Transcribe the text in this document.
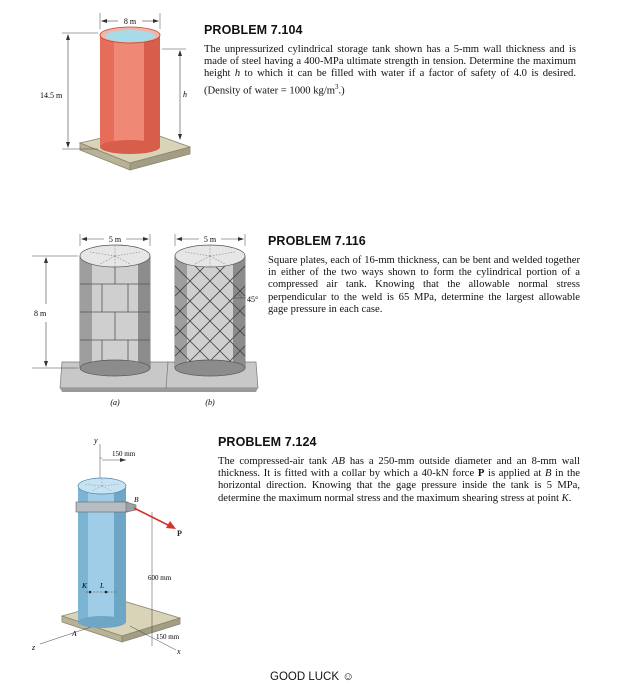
PROBLEM 7.104
The unpressurized cylindrical storage tank shown has a 5-mm wall thickness and is made of steel having a 400-MPa ultimate strength in tension. Determine the maximum height h to which it can be filled with water if a factor of safety of 4.0 is desired. (Density of water = 1000 $kg/m^3$.)
8 m
14.5 m	h
PROBLEM 7.116
Square plates, each of 16-mm thickness, can be bent and welded together in either of the two ways shown to form the cylindrical portion of a compressed air tank. Knowing that the allowable normal stress perpendicular to the weld is 65 MPa, determine the largest allowable gage pressure in each case.
5 m
8 m
(a)
5 m
45°
(b)
PROBLEM 7.124
The compressed-air tank AB has a 250-mm outside diameter and an 8-mm wall thickness. It is fitted with a collar by which a 40-kN force P is applied at B in the horizontal direction. Knowing that the gage pressure inside the tank is 5 MPa, determine the maximum normal stress and the maximum shearing stress at point K.
y
z	x
B
P
150 mm
600 mm
150 mm
K L
A
GOOD LUCK ☺
